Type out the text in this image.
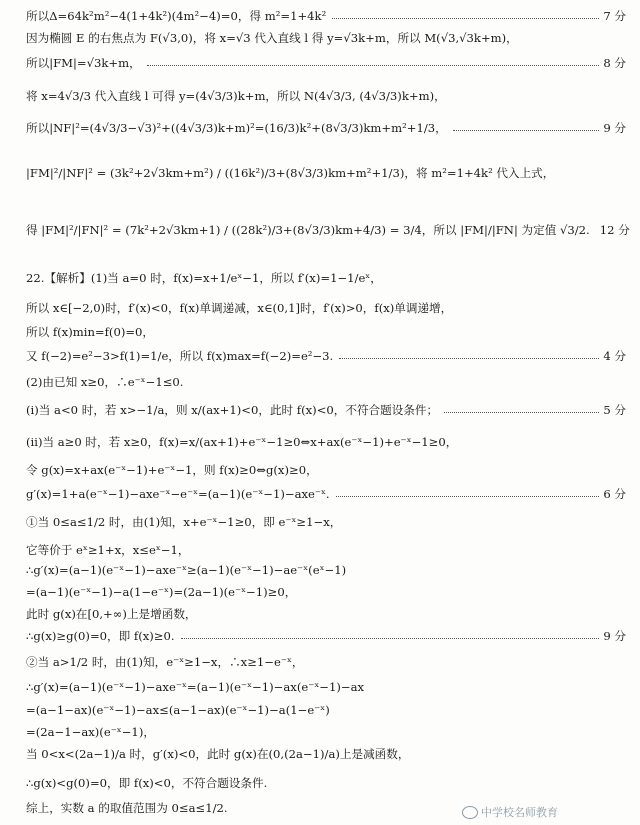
所以Δ=64k²m²−4(1+4k²)(4m²−4)=0，得 m²=1+4k²	7 分
因为椭圆 E 的右焦点为 F(√3,0)，将 x=√3 代入直线 l 得 y=√3k+m，所以 M(√3,√3k+m)，
所以|FM|=√3k+m，	8 分
将 x=4√3/3 代入直线 l 可得 y=(4√3/3)k+m，所以 N(4√3/3, (4√3/3)k+m)，
所以|NF|²=(4√3/3−√3)²+((4√3/3)k+m)²=(16/3)k²+(8√3/3)km+m²+1/3，	9 分
|FM|²/|NF|² = (3k²+2√3km+m²) / ((16k²)/3+(8√3/3)km+m²+1/3)，将 m²=1+4k² 代入上式，
得 |FM|²/|FN|² = (7k²+2√3km+1) / ((28k²)/3+(8√3/3)km+4/3) = 3/4，所以 |FM|/|FN| 为定值 √3/2. 12 分
22.【解析】(1)当 a=0 时，f(x)=x+1/eˣ−1，所以 f′(x)=1−1/eˣ，
所以 x∈[−2,0)时，f′(x)<0，f(x)单调递减，x∈(0,1]时，f′(x)>0，f(x)单调递增，
所以 f(x)min=f(0)=0，
又 f(−2)=e²−3>f(1)=1/e，所以 f(x)max=f(−2)=e²−3.	4 分
(2)由已知 x≥0，∴e⁻ˣ−1≤0.
(ⅰ)当 a<0 时，若 x>−1/a，则 x/(ax+1)<0，此时 f(x)<0，不符合题设条件；	5 分
(ⅱ)当 a≥0 时，若 x≥0，f(x)=x/(ax+1)+e⁻ˣ−1≥0⇔x+ax(e⁻ˣ−1)+e⁻ˣ−1≥0，
令 g(x)=x+ax(e⁻ˣ−1)+e⁻ˣ−1，则 f(x)≥0⇔g(x)≥0，
g′(x)=1+a(e⁻ˣ−1)−axe⁻ˣ−e⁻ˣ=(a−1)(e⁻ˣ−1)−axe⁻ˣ.	6 分
①当 0≤a≤1/2 时，由(1)知，x+e⁻ˣ−1≥0，即 e⁻ˣ≥1−x，
它等价于 eˣ≥1+x，x≤eˣ−1，
∴g′(x)=(a−1)(e⁻ˣ−1)−axe⁻ˣ≥(a−1)(e⁻ˣ−1)−ae⁻ˣ(eˣ−1)
=(a−1)(e⁻ˣ−1)−a(1−e⁻ˣ)=(2a−1)(e⁻ˣ−1)≥0，
此时 g(x)在[0,+∞)上是增函数，
∴g(x)≥g(0)=0，即 f(x)≥0.	9 分
②当 a>1/2 时，由(1)知，e⁻ˣ≥1−x，∴x≥1−e⁻ˣ，
∴g′(x)=(a−1)(e⁻ˣ−1)−axe⁻ˣ=(a−1)(e⁻ˣ−1)−ax(e⁻ˣ−1)−ax
=(a−1−ax)(e⁻ˣ−1)−ax≤(a−1−ax)(e⁻ˣ−1)−a(1−e⁻ˣ)
=(2a−1−ax)(e⁻ˣ−1)，
当 0<x<(2a−1)/a 时，g′(x)<0，此时 g(x)在(0,(2a−1)/a)上是减函数，
∴g(x)<g(0)=0，即 f(x)<0，不符合题设条件.
综上，实数 a 的取值范围为 0≤a≤1/2.	中学校名师教育
